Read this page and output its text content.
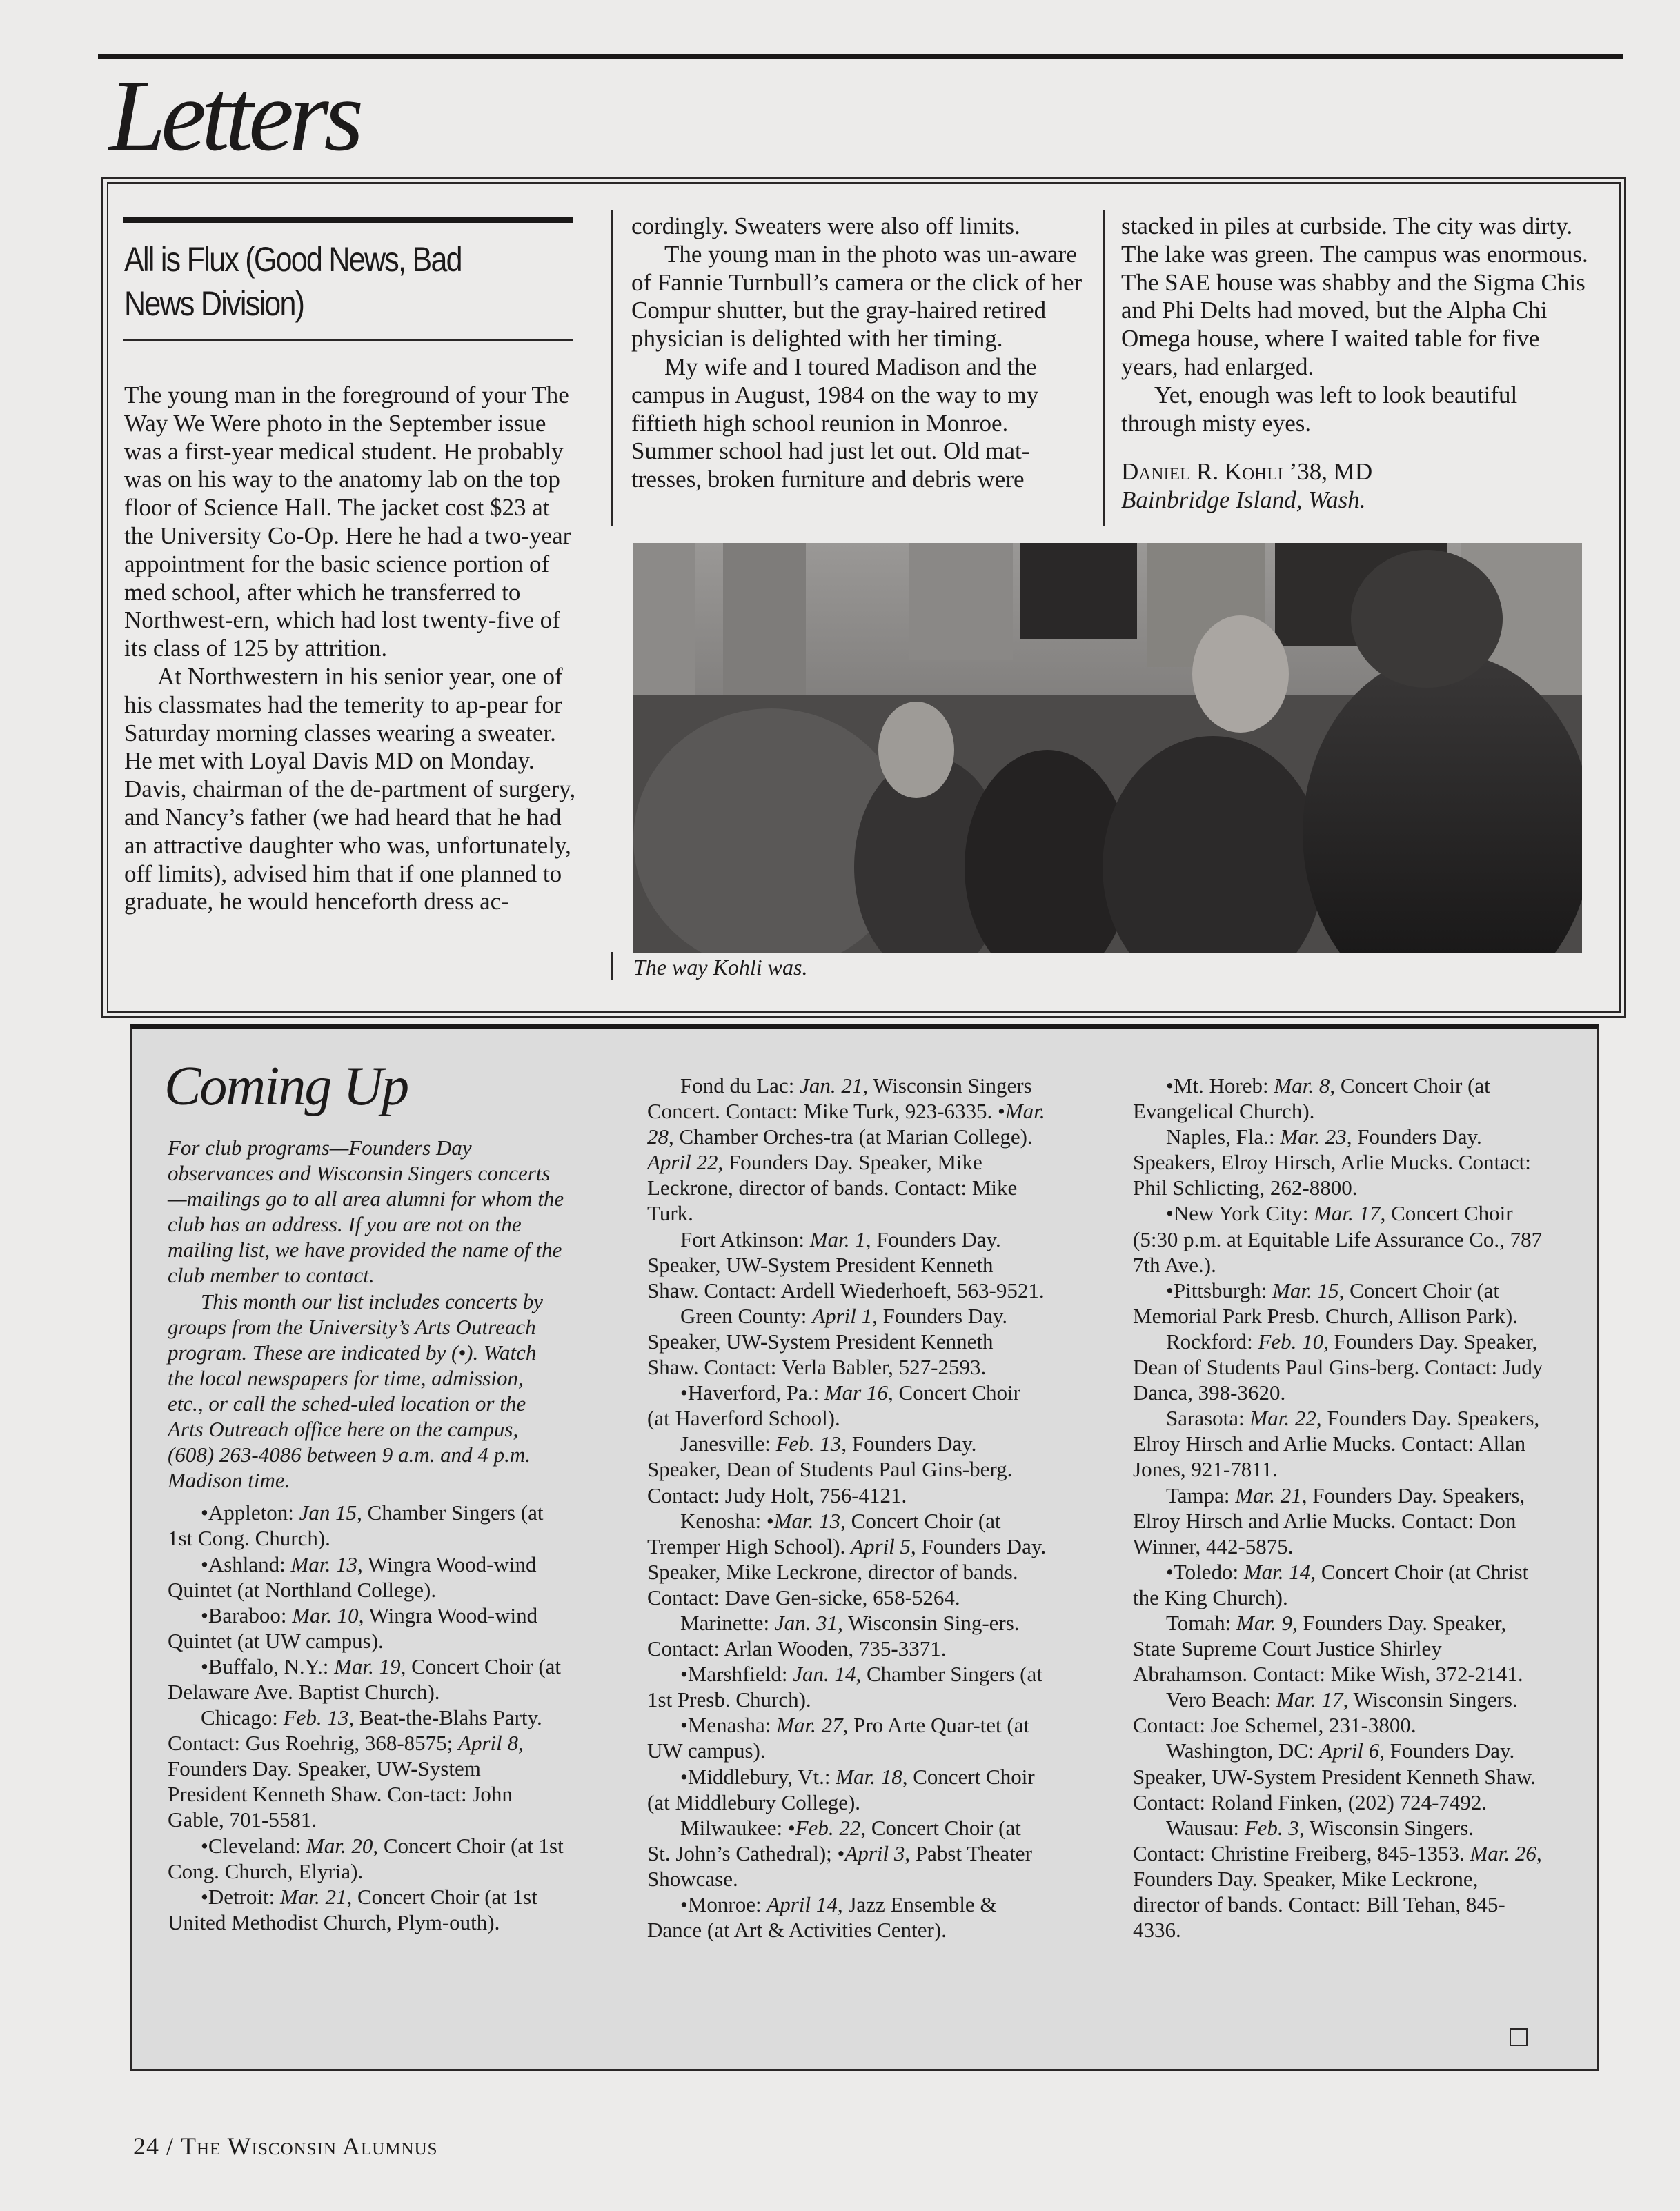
Letters
All is Flux (Good News, Bad News Division)

The young man in the foreground of your The Way We Were photo in the September issue was a first-year medical student. He probably was on his way to the anatomy lab on the top floor of Science Hall. The jacket cost $23 at the University Co-Op. Here he had a two-year appointment for the basic science portion of med school, after which he transferred to Northwest-ern, which had lost twenty-five of its class of 125 by attrition.

At Northwestern in his senior year, one of his classmates had the temerity to ap-pear for Saturday morning classes wearing a sweater. He met with Loyal Davis MD on Monday. Davis, chairman of the de-partment of surgery, and Nancy’s father (we had heard that he had an attractive daughter who was, unfortunately, off limits), advised him that if one planned to graduate, he would henceforth dress ac-

cordingly. Sweaters were also off limits.

The young man in the photo was un-aware of Fannie Turnbull’s camera or the click of her Compur shutter, but the gray-haired retired physician is delighted with her timing.

My wife and I toured Madison and the campus in August, 1984 on the way to my fiftieth high school reunion in Monroe. Summer school had just let out. Old mat-tresses, broken furniture and debris were

stacked in piles at curbside. The city was dirty. The lake was green. The campus was enormous. The SAE house was shabby and the Sigma Chis and Phi Delts had moved, but the Alpha Chi Omega house, where I waited table for five years, had enlarged.

Yet, enough was left to look beautiful through misty eyes.

Daniel R. Kohli ’38, MD

Bainbridge Island, Wash.

The way Kohli was.
Coming Up

For club programs—Founders Day observances and Wisconsin Singers concerts—mailings go to all area alumni for whom the club has an address. If you are not on the mailing list, we have provided the name of the club member to contact.

This month our list includes concerts by groups from the University’s Arts Outreach program. These are indicated by (•). Watch the local newspapers for time, admission, etc., or call the sched-uled location or the Arts Outreach office here on the campus, (608) 263-4086 between 9 a.m. and 4 p.m. Madison time.

•Appleton: Jan 15, Chamber Singers (at 1st Cong. Church).

•Ashland: Mar. 13, Wingra Wood-wind Quintet (at Northland College).

•Baraboo: Mar. 10, Wingra Wood-wind Quintet (at UW campus).

•Buffalo, N.Y.: Mar. 19, Concert Choir (at Delaware Ave. Baptist Church).

Chicago: Feb. 13, Beat-the-Blahs Party. Contact: Gus Roehrig, 368-8575; April 8, Founders Day. Speaker, UW-System President Kenneth Shaw. Con-tact: John Gable, 701-5581.

•Cleveland: Mar. 20, Concert Choir (at 1st Cong. Church, Elyria).

•Detroit: Mar. 21, Concert Choir (at 1st United Methodist Church, Plym-outh).

Fond du Lac: Jan. 21, Wisconsin Singers Concert. Contact: Mike Turk, 923-6335. •Mar. 28, Chamber Orches-tra (at Marian College). April 22, Founders Day. Speaker, Mike Leckrone, director of bands. Contact: Mike Turk.

Fort Atkinson: Mar. 1, Founders Day. Speaker, UW-System President Kenneth Shaw. Contact: Ardell Wiederhoeft, 563-9521.

Green County: April 1, Founders Day. Speaker, UW-System President Kenneth Shaw. Contact: Verla Babler, 527-2593.

•Haverford, Pa.: Mar 16, Concert Choir (at Haverford School).

Janesville: Feb. 13, Founders Day. Speaker, Dean of Students Paul Gins-berg. Contact: Judy Holt, 756-4121.

Kenosha: •Mar. 13, Concert Choir (at Tremper High School). April 5, Founders Day. Speaker, Mike Leckrone, director of bands. Contact: Dave Gen-sicke, 658-5264.

Marinette: Jan. 31, Wisconsin Sing-ers. Contact: Arlan Wooden, 735-3371.

•Marshfield: Jan. 14, Chamber Singers (at 1st Presb. Church).

•Menasha: Mar. 27, Pro Arte Quar-tet (at UW campus).

•Middlebury, Vt.: Mar. 18, Concert Choir (at Middlebury College).

Milwaukee: •Feb. 22, Concert Choir (at St. John’s Cathedral); •April 3, Pabst Theater Showcase.

•Monroe: April 14, Jazz Ensemble & Dance (at Art & Activities Center).

•Mt. Horeb: Mar. 8, Concert Choir (at Evangelical Church).

Naples, Fla.: Mar. 23, Founders Day. Speakers, Elroy Hirsch, Arlie Mucks. Contact: Phil Schlicting, 262-8800.

•New York City: Mar. 17, Concert Choir (5:30 p.m. at Equitable Life Assurance Co., 787 7th Ave.).

•Pittsburgh: Mar. 15, Concert Choir (at Memorial Park Presb. Church, Allison Park).

Rockford: Feb. 10, Founders Day. Speaker, Dean of Students Paul Gins-berg. Contact: Judy Danca, 398-3620.

Sarasota: Mar. 22, Founders Day. Speakers, Elroy Hirsch and Arlie Mucks. Contact: Allan Jones, 921-7811.

Tampa: Mar. 21, Founders Day. Speakers, Elroy Hirsch and Arlie Mucks. Contact: Don Winner, 442-5875.

•Toledo: Mar. 14, Concert Choir (at Christ the King Church).

Tomah: Mar. 9, Founders Day. Speaker, State Supreme Court Justice Shirley Abrahamson. Contact: Mike Wish, 372-2141.

Vero Beach: Mar. 17, Wisconsin Singers. Contact: Joe Schemel, 231-3800.

Washington, DC: April 6, Founders Day. Speaker, UW-System President Kenneth Shaw. Contact: Roland Finken, (202) 724-7492.

Wausau: Feb. 3, Wisconsin Singers. Contact: Christine Freiberg, 845-1353. Mar. 26, Founders Day. Speaker, Mike Leckrone, director of bands. Contact: Bill Tehan, 845-4336.

24 / The Wisconsin Alumnus
